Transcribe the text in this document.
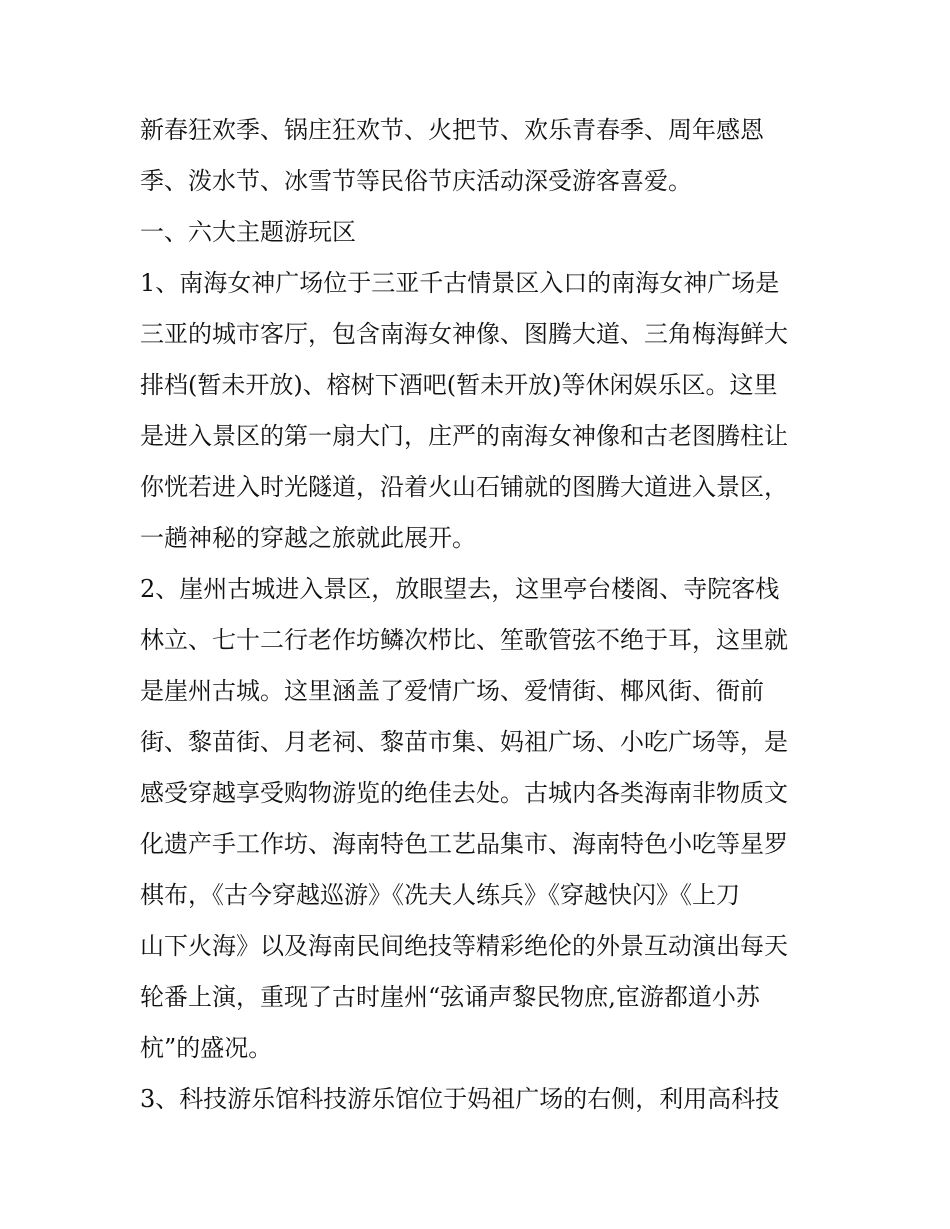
新春狂欢季、锅庄狂欢节、火把节、欢乐青春季、周年感恩
季、泼水节、冰雪节等民俗节庆活动深受游客喜爱。
一、六大主题游玩区
1、南海女神广场位于三亚千古情景区入口的南海女神广场是
三亚的城市客厅，包含南海女神像、图腾大道、三角梅海鲜大
排档(暂未开放)、榕树下酒吧(暂未开放)等休闲娱乐区。这里
是进入景区的第一扇大门，庄严的南海女神像和古老图腾柱让
你恍若进入时光隧道，沿着火山石铺就的图腾大道进入景区，
一趟神秘的穿越之旅就此展开。
2、崖州古城进入景区，放眼望去，这里亭台楼阁、寺院客栈
林立、七十二行老作坊鳞次栉比、笙歌管弦不绝于耳，这里就
是崖州古城。这里涵盖了爱情广场、爱情街、椰风街、衙前
街、黎苗街、月老祠、黎苗市集、妈祖广场、小吃广场等，是
感受穿越享受购物游览的绝佳去处。古城内各类海南非物质文
化遗产手工作坊、海南特色工艺品集市、海南特色小吃等星罗
棋布，《古今穿越巡游》《冼夫人练兵》《穿越快闪》《上刀
山下火海》以及海南民间绝技等精彩绝伦的外景互动演出每天
轮番上演，重现了古时崖州“弦诵声黎民物庶,宦游都道小苏
杭”的盛况。
3、科技游乐馆科技游乐馆位于妈祖广场的右侧，利用高科技
